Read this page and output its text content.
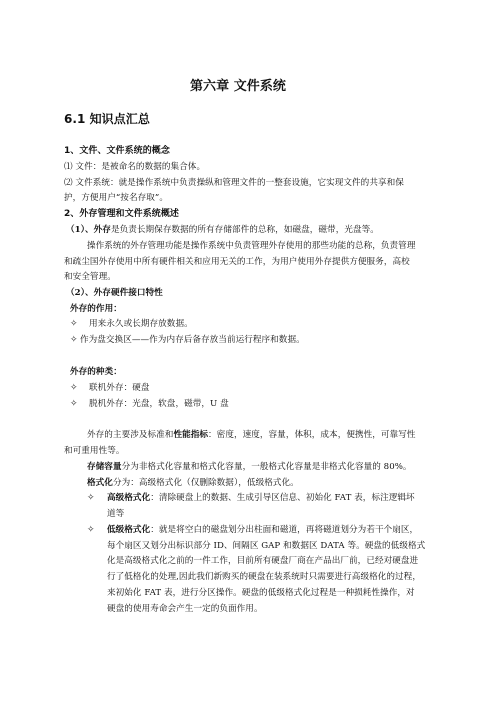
第六章 文件系统
6.1 知识点汇总
1、文件、文件系统的概念
⑴ 文件：是被命名的数据的集合体。
⑵ 文件系统：就是操作系统中负责操纵和管理文件的一整套设施，它实现文件的共享和保
护，方便用户“按名存取”。
2、外存管理和文件系统概述
（1）、外存是负责长期保存数据的所有存储部件的总称，如磁盘，磁带，光盘等。
操作系统的外存管理功能是操作系统中负责管理外存使用的那些功能的总称，负责管理
和疏尘国外存使用中所有硬件相关和应用无关的工作，为用户使用外存提供方便服务，高校
和安全管理。
（2）、外存硬件接口特性
外存的作用：
✧ 用来永久或长期存放数据。
✧ 作为盘交换区——作为内存后备存放当前运行程序和数据。
外存的种类：
✧ 联机外存：硬盘
✧ 脱机外存：光盘，软盘，磁带，U 盘
外存的主要涉及标准和性能指标：密度，速度，容量，体积，成本，便携性，可靠写性
和可重用性等。
存储容量分为非格式化容量和格式化容量，一般格式化容量是非格式化容量的 80%。
格式化分为：高级格式化（仅删除数据），低级格式化。
✧ 高级格式化：清除硬盘上的数据、生成引导区信息、初始化 FAT 表，标注逻辑坏
道等
✧ 低级格式化：就是将空白的磁盘划分出柱面和磁道，再将磁道划分为若干个扇区，
每个扇区又划分出标识部分 ID、间隔区 GAP 和数据区 DATA 等。硬盘的低级格式
化是高级格式化之前的一件工作，目前所有硬盘厂商在产品出厂前，已经对硬盘进
行了低格化的处理,因此我们新购买的硬盘在装系统时只需要进行高级格化的过程，
来初始化 FAT 表，进行分区操作。硬盘的低级格式化过程是一种损耗性操作，对
硬盘的使用寿命会产生一定的负面作用。
